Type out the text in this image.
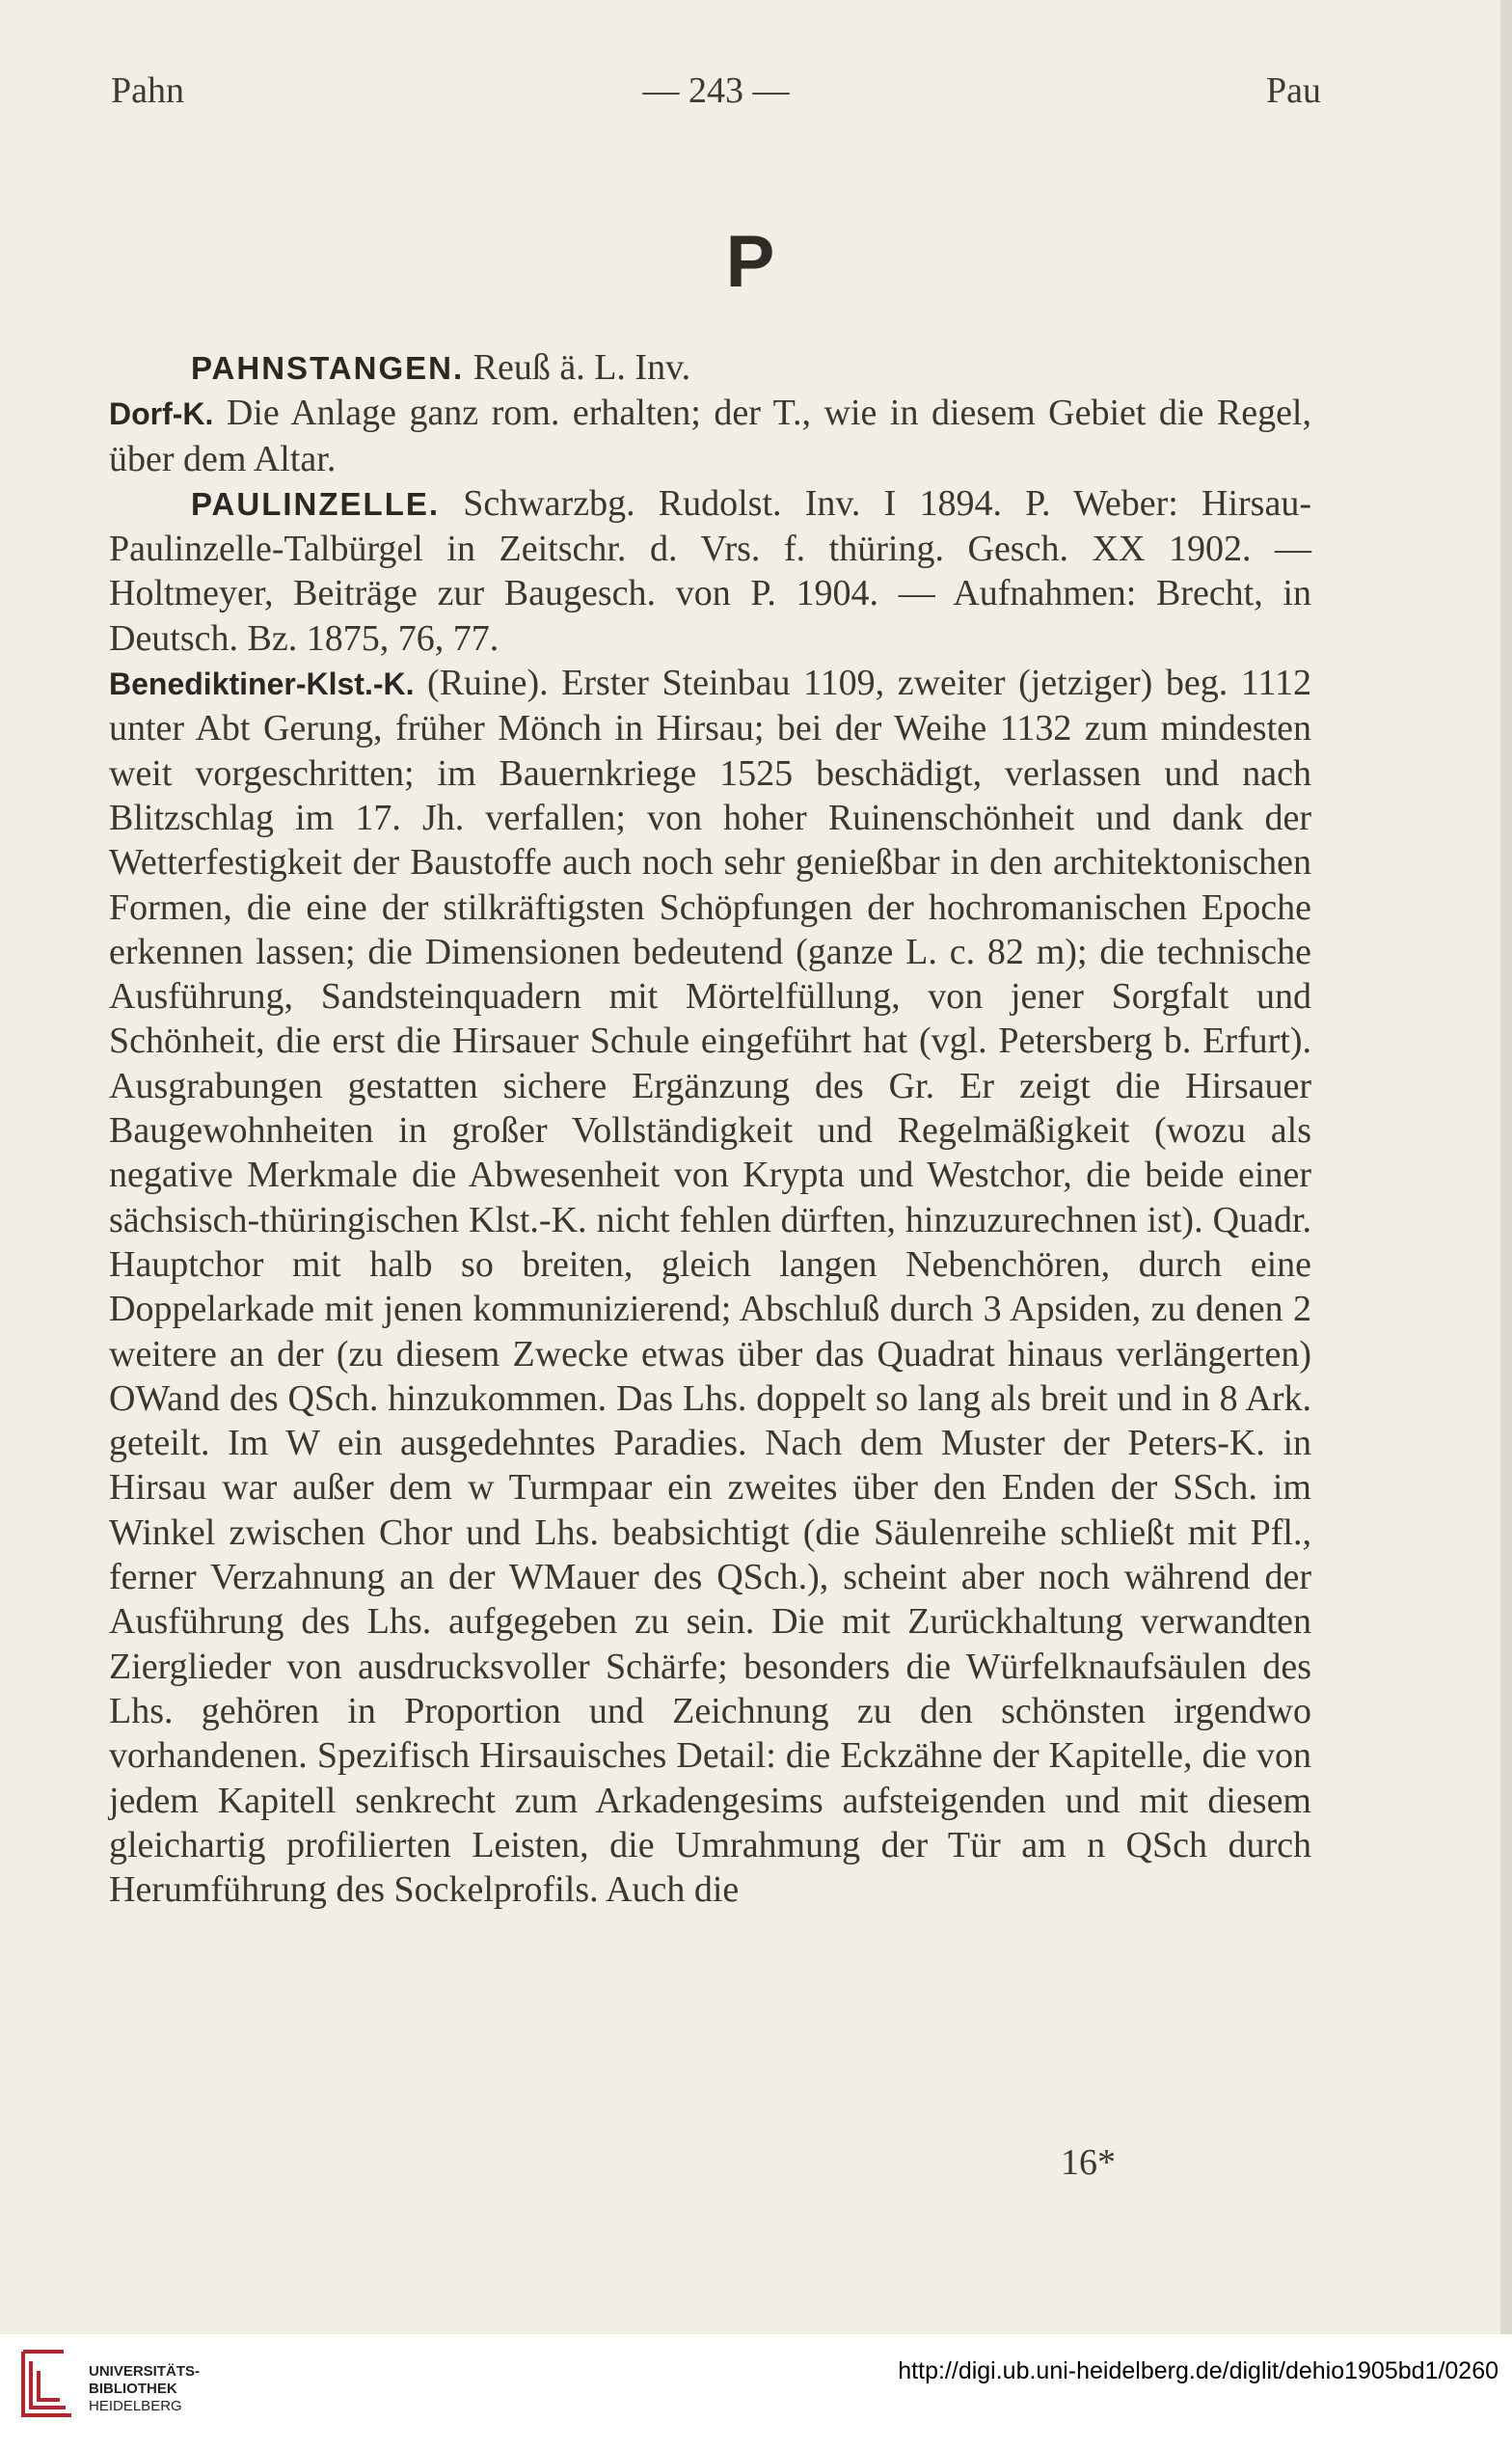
Pahn	— 243 —	Pau
P

PAHNSTANGEN. Reuß ä. L. Inv.

Dorf-K. Die Anlage ganz rom. erhalten; der T., wie in diesem Gebiet die Regel, über dem Altar.

PAULINZELLE. Schwarzbg. Rudolst. Inv. I 1894. P. Weber: Hirsau-Paulinzelle-Talbürgel in Zeitschr. d. Vrs. f. thüring. Gesch. XX 1902. — Holtmeyer, Beiträge zur Baugesch. von P. 1904. — Aufnahmen: Brecht, in Deutsch. Bz. 1875, 76, 77.

Benediktiner-Klst.-K. (Ruine). Erster Steinbau 1109, zweiter (jetziger) beg. 1112 unter Abt Gerung, früher Mönch in Hirsau; bei der Weihe 1132 zum mindesten weit vorgeschritten; im Bauernkriege 1525 beschädigt, verlassen und nach Blitzschlag im 17. Jh. verfallen; von hoher Ruinenschönheit und dank der Wetterfestigkeit der Baustoffe auch noch sehr genießbar in den architektonischen Formen, die eine der stilkräftigsten Schöpfungen der hochromanischen Epoche erkennen lassen; die Dimensionen bedeutend (ganze L. c. 82 m); die technische Ausführung, Sandsteinquadern mit Mörtelfüllung, von jener Sorgfalt und Schönheit, die erst die Hirsauer Schule eingeführt hat (vgl. Petersberg b. Erfurt). Ausgrabungen gestatten sichere Ergänzung des Gr. Er zeigt die Hirsauer Baugewohnheiten in großer Vollständigkeit und Regelmäßigkeit (wozu als negative Merkmale die Abwesenheit von Krypta und Westchor, die beide einer sächsisch-thüringischen Klst.-K. nicht fehlen dürften, hinzuzurechnen ist). Quadr. Hauptchor mit halb so breiten, gleich langen Nebenchören, durch eine Doppelarkade mit jenen kommunizierend; Abschluß durch 3 Apsiden, zu denen 2 weitere an der (zu diesem Zwecke etwas über das Quadrat hinaus verlängerten) OWand des QSch. hinzukommen. Das Lhs. doppelt so lang als breit und in 8 Ark. geteilt. Im W ein ausgedehntes Paradies. Nach dem Muster der Peters-K. in Hirsau war außer dem w Turmpaar ein zweites über den Enden der SSch. im Winkel zwischen Chor und Lhs. beabsichtigt (die Säulenreihe schließt mit Pfl., ferner Verzahnung an der WMauer des QSch.), scheint aber noch während der Ausführung des Lhs. aufgegeben zu sein. Die mit Zurückhaltung verwandten Zierglieder von ausdrucksvoller Schärfe; besonders die Würfelknaufsäulen des Lhs. gehören in Proportion und Zeichnung zu den schönsten irgendwo vorhandenen. Spezifisch Hirsauisches Detail: die Eckzähne der Kapitelle, die von jedem Kapitell senkrecht zum Arkadengesims aufsteigenden und mit diesem gleichartig profilierten Leisten, die Umrahmung der Tür am n QSch durch Herumführung des Sockelprofils. Auch die

16*
UNIVERSITÄTS-
BIBLIOTHEK
HEIDELBERG
http://digi.ub.uni-heidelberg.de/diglit/dehio1905bd1/0260
